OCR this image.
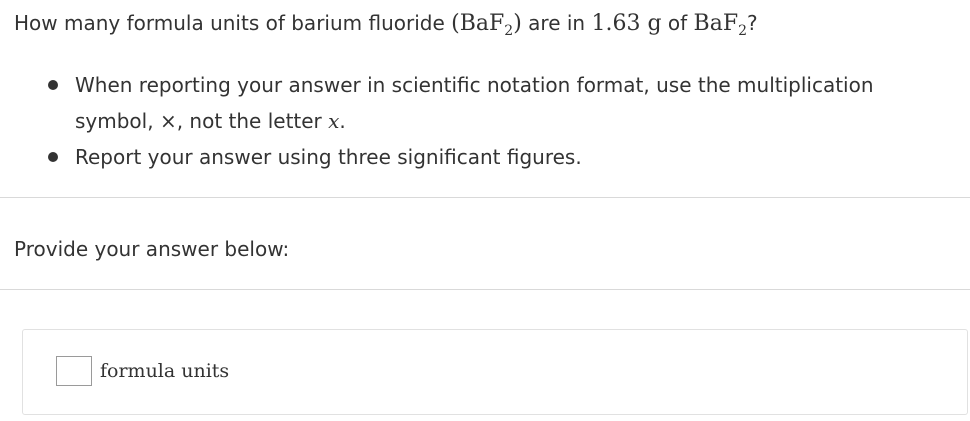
How many formula units of barium fluoride (BaF$_2$) are in 1.63 g of BaF$_2$?
When reporting your answer in scientific notation format, use the multiplication
symbol, ×, not the letter x.
Report your answer using three significant figures.
Provide your answer below:
formula units
